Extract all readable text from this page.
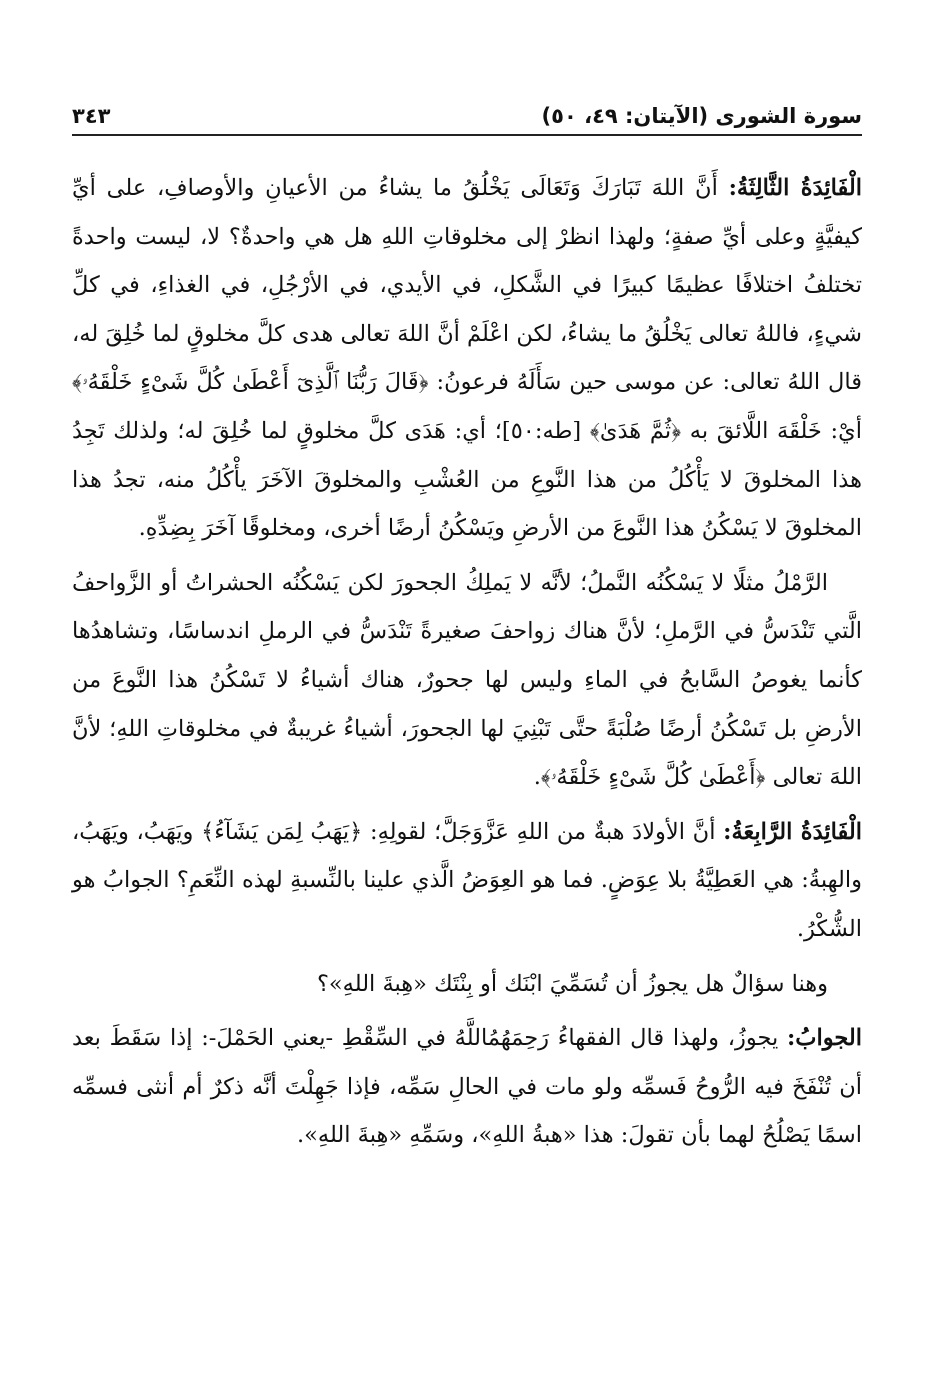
سورة الشورى (الآيتان: ٤٩، ٥٠)
٣٤٣

الْفَائِدَةُ الثَّالِثَةُ: أَنَّ اللهَ تَبَارَكَ وَتَعَالَى يَخْلُقُ ما يشاءُ من الأعيانِ والأوصافِ، على أيِّ كيفيَّةٍ وعلى أيِّ صفةٍ؛ ولهذا انظرْ إلى مخلوقاتِ اللهِ هل هي واحدةٌ؟ لا، ليست واحدةً تختلفُ اختلافًا عظيمًا كبيرًا في الشَّكلِ، في الأيدي، في الأرْجُلِ، في الغذاءِ، في كلِّ شيءٍ، فاللهُ تعالى يَخْلُقُ ما يشاءُ، لكن اعْلَمْ أنَّ اللهَ تعالى هدى كلَّ مخلوقٍ لما خُلِقَ له، قال اللهُ تعالى: عن موسى حين سَأَلَهُ فرعونُ: ﴿قَالَ رَبُّنَا ٱلَّذِىٓ أَعْطَىٰ كُلَّ شَىْءٍ خَلْقَهُۥ﴾ أيْ: خَلْقَهَ اللَّائقَ به ﴿ثُمَّ هَدَىٰ﴾ [طه:٥٠]؛ أي: هَدَى كلَّ مخلوقٍ لما خُلِقَ له؛ ولذلك تَجِدُ هذا المخلوقَ لا يَأْكُلُ من هذا النَّوعِ من العُشْبِ والمخلوقَ الآخَرَ يأْكُلُ منه، تجدُ هذا المخلوقَ لا يَسْكُنُ هذا النَّوعَ من الأرضِ ويَسْكُنُ أرضًا أخرى، ومخلوقًا آخَرَ بِضِدِّهِ.

الرَّمْلُ مثلًا لا يَسْكُنُه النَّملُ؛ لأنَّه لا يَملِكُ الجحورَ لكن يَسْكُنُه الحشراتُ أو الزَّواحفُ الَّتي تَنْدَسُّ في الرَّملِ؛ لأنَّ هناك زواحفَ صغيرةً تَنْدَسُّ في الرملِ اندساسًا، وتشاهدُها كأنما يغوصُ السَّابحُ في الماءِ وليس لها جحورٌ، هناك أشياءُ لا تَسْكُنُ هذا النَّوعَ من الأرضِ بل تَسْكُنُ أرضًا صُلْبَةً حتَّى تَبْنِيَ لها الجحورَ، أشياءُ غريبةٌ في مخلوقاتِ اللهِ؛ لأنَّ اللهَ تعالى ﴿أَعْطَىٰ كُلَّ شَىْءٍ خَلْقَهُۥ﴾.

الْفَائِدَةُ الرَّابِعَةُ: أنَّ الأولادَ هبةٌ من اللهِ عَزَّوَجَلَّ؛ لقولِهِ: ﴿يَهَبُ لِمَن يَشَآءُ﴾ ويَهَبُ، ويَهَبُ، والهِبةُ: هي العَطِيَّةُ بلا عِوَضٍ. فما هو العِوَضُ الَّذي علينا بالنِّسبةِ لهذه النِّعَمِ؟ الجوابُ هو الشُّكْرُ.

وهنا سؤالٌ هل يجوزُ أن تُسَمِّيَ ابْنَك أو بِنْتَك «هِبةَ اللهِ»؟

الجوابُ: يجوزُ، ولهذا قال الفقهاءُ رَحِمَهُمُاللَّهُ في السِّقْطِ -يعني الحَمْلَ-: إذا سَقَطَ بعد أن تُنْفَخَ فيه الرُّوحُ فَسمِّه ولو مات في الحالِ سَمِّه، فإذا جَهِلْتَ أنَّه ذكرٌ أم أنثى فسمِّه اسمًا يَصْلُحُ لهما بأن تقولَ: هذا «هبةُ اللهِ»، وسَمِّهِ «هِبةَ اللهِ».
